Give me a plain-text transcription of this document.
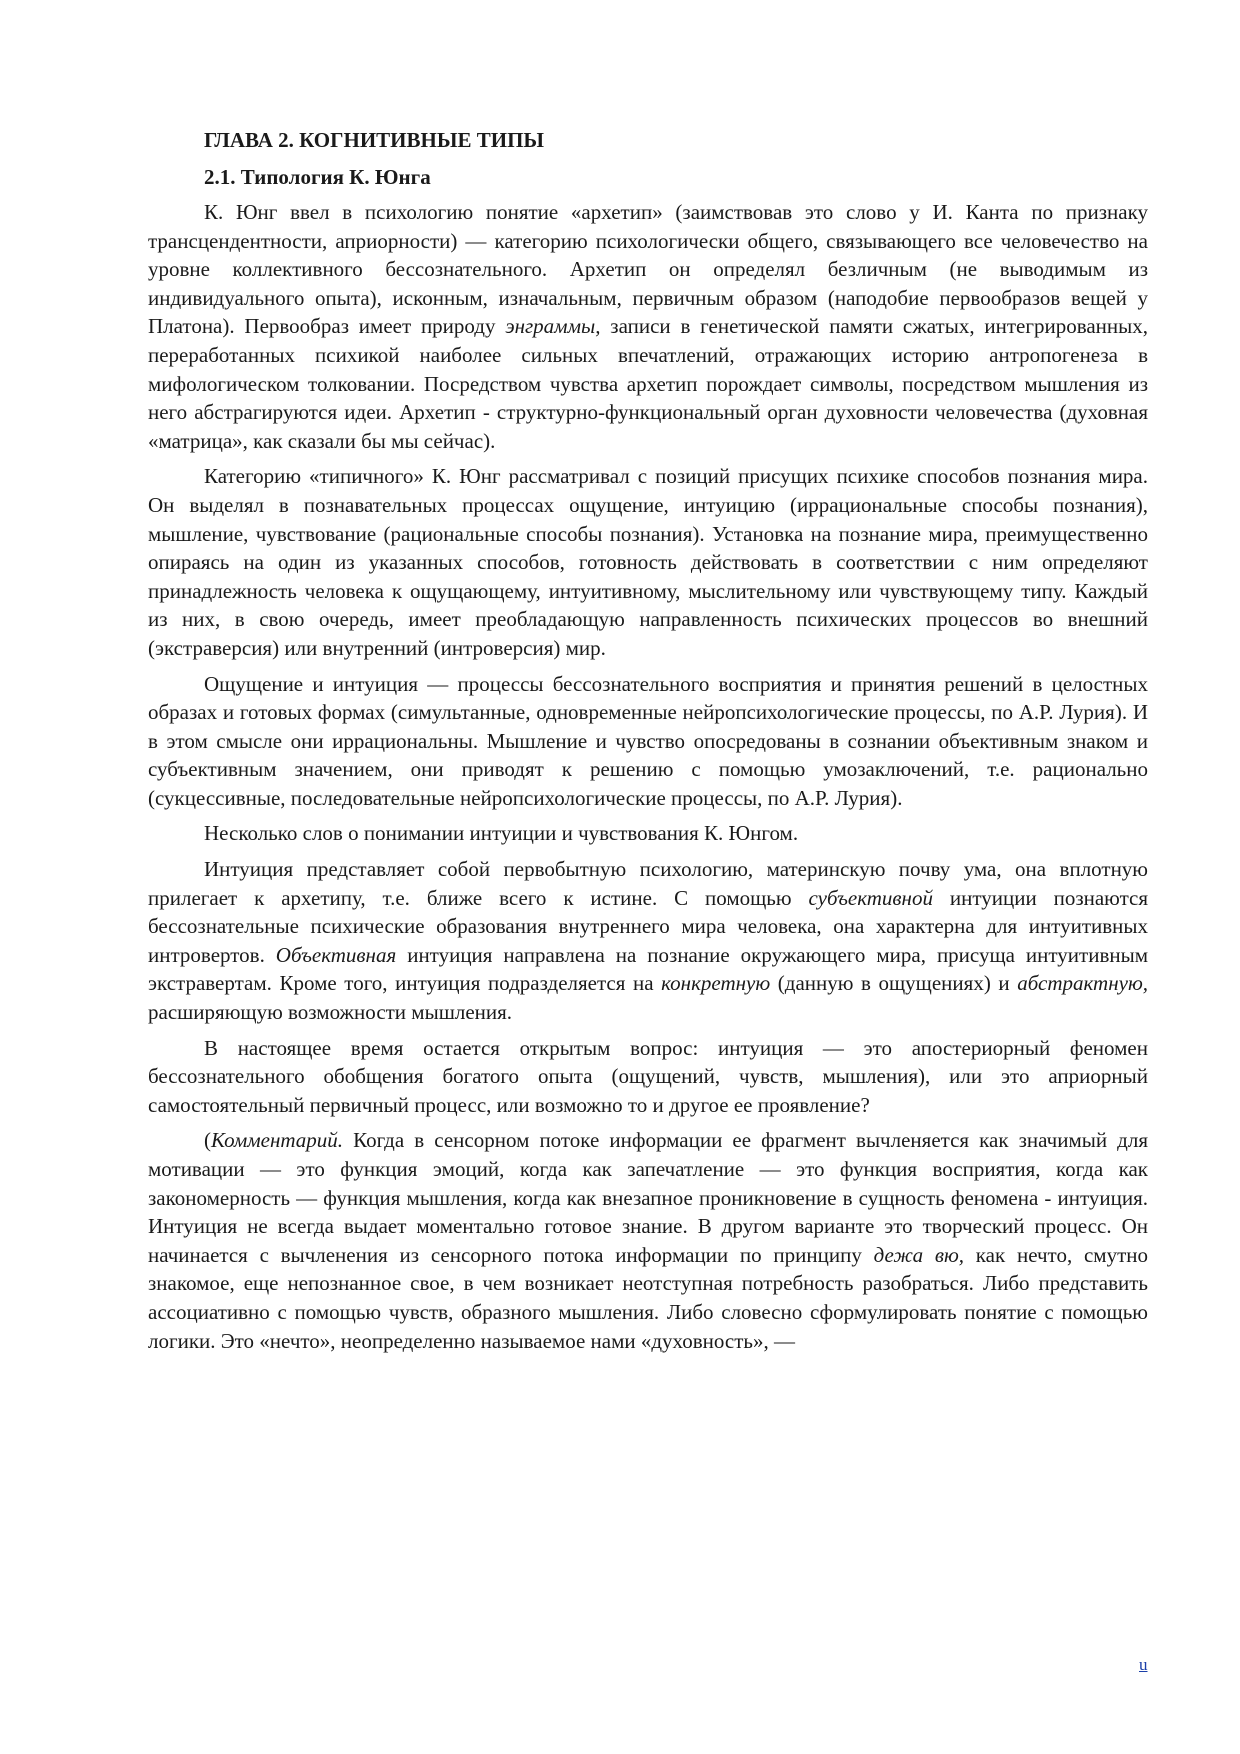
ГЛАВА 2. КОГНИТИВНЫЕ ТИПЫ
2.1. Типология К. Юнга

К. Юнг ввел в психологию понятие «архетип» (заимствовав это слово у И. Канта по признаку трансцендентности, априорности) — категорию психологически общего, связывающего все человечество на уровне коллективного бессознательного. Архетип он определял безличным (не выводимым из индивидуального опыта), исконным, изначальным, первичным образом (наподобие первообразов вещей у Платона). Первообраз имеет природу энграммы, записи в генетической памяти сжатых, интегрированных, переработанных психикой наиболее сильных впечатлений, отражающих историю антропогенеза в мифологическом толковании. Посредством чувства архетип порождает символы, посредством мышления из него абстрагируются идеи. Архетип - структурно-функциональный орган духовности человечества (духовная «матрица», как сказали бы мы сейчас).

Категорию «типичного» К. Юнг рассматривал с позиций присущих психике способов познания мира. Он выделял в познавательных процессах ощущение, интуицию (иррациональные способы познания), мышление, чувствование (рациональные способы познания). Установка на познание мира, преимущественно опираясь на один из указанных способов, готовность действовать в соответствии с ним определяют принадлежность человека к ощущающему, интуитивному, мыслительному или чувствующему типу. Каждый из них, в свою очередь, имеет преобладающую направленность психических процессов во внешний (экстраверсия) или внутренний (интроверсия) мир.

Ощущение и интуиция — процессы бессознательного восприятия и принятия решений в целостных образах и готовых формах (симультанные, одновременные нейропсихологические процессы, по А.Р. Лурия). И в этом смысле они иррациональны. Мышление и чувство опосредованы в сознании объективным знаком и субъективным значением, они приводят к решению с помощью умозаключений, т.е. рационально (сукцессивные, последовательные нейропсихологические процессы, по А.Р. Лурия).

Несколько слов о понимании интуиции и чувствования К. Юнгом.

Интуиция представляет собой первобытную психологию, материнскую почву ума, она вплотную прилегает к архетипу, т.е. ближе всего к истине. С помощью субъективной интуиции познаются бессознательные психические образования внутреннего мира человека, она характерна для интуитивных интровертов. Объективная интуиция направлена на познание окружающего мира, присуща интуитивным экстравертам. Кроме того, интуиция подразделяется на конкретную (данную в ощущениях) и абстрактную, расширяющую возможности мышления.

В настоящее время остается открытым вопрос: интуиция — это апостериорный феномен бессознательного обобщения богатого опыта (ощущений, чувств, мышления), или это априорный самостоятельный первичный процесс, или возможно то и другое ее проявление?

(Комментарий. Когда в сенсорном потоке информации ее фрагмент вычленяется как значимый для мотивации — это функция эмоций, когда как запечатление — это функция восприятия, когда как закономерность — функция мышления, когда как внезапное проникновение в сущность феномена - интуиция. Интуиция не всегда выдает моментально готовое знание. В другом варианте это творческий процесс. Он начинается с вычленения из сенсорного потока информации по принципу дежа вю, как нечто, смутно знакомое, еще непознанное свое, в чем возникает неотступная потребность разобраться. Либо представить ассоциативно с помощью чувств, образного мышления. Либо словесно сформулировать понятие с помощью логики. Это «нечто», неопределенно называемое нами «духовность», —

u
